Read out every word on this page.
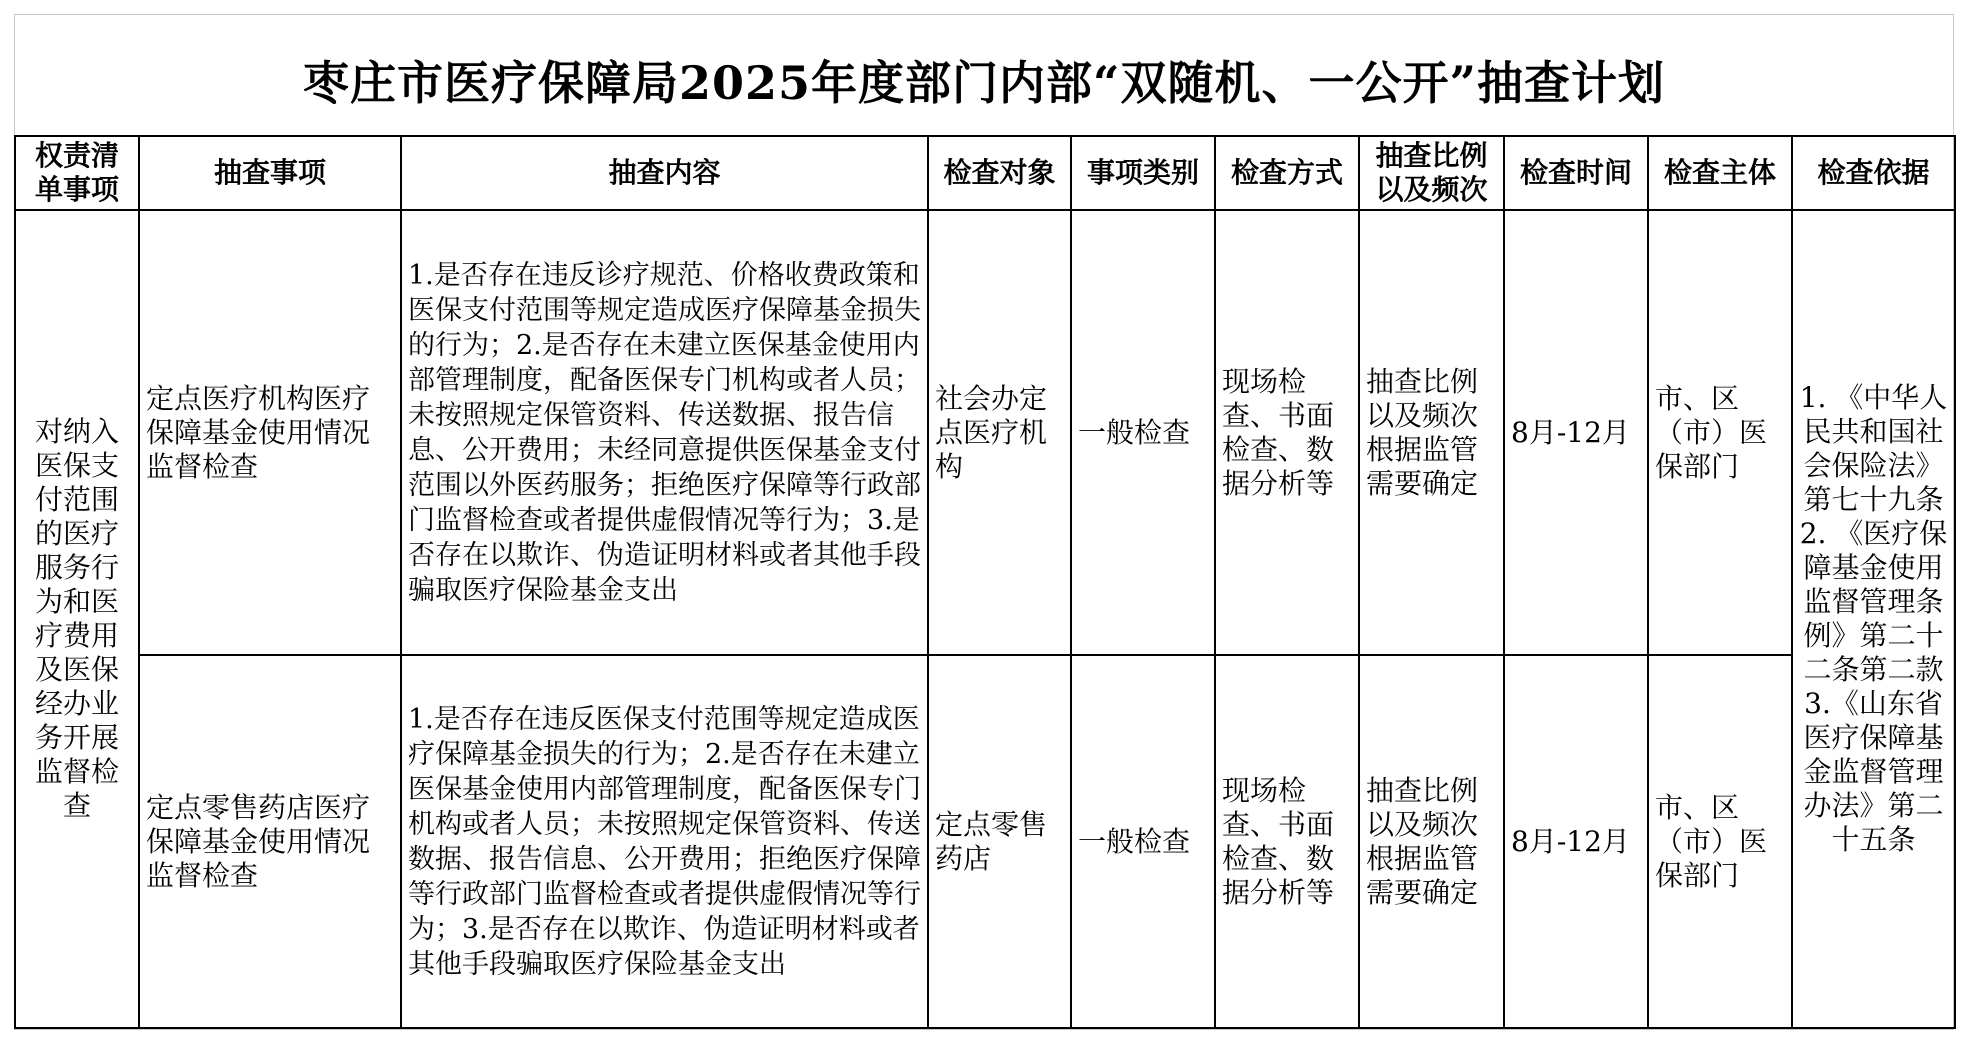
枣庄市医疗保障局2025年度部门内部“双随机、一公开”抽查计划
权责清单事项	抽查事项	抽查内容	检查对象	事项类别	检查方式	抽查比例以及频次	检查时间	检查主体	检查依据
对纳入医保支付范围的医疗服务行为和医疗费用及医保经办业务开展监督检查	定点医疗机构医疗保障基金使用情况监督检查	1.是否存在违反诊疗规范、价格收费政策和医保支付范围等规定造成医疗保障基金损失的行为；2.是否存在未建立医保基金使用内部管理制度，配备医保专门机构或者人员；未按照规定保管资料、传送数据、报告信息、公开费用；未经同意提供医保基金支付范围以外医药服务；拒绝医疗保障等行政部门监督检查或者提供虚假情况等行为；3.是否存在以欺诈、伪造证明材料或者其他手段骗取医疗保险基金支出	社会办定点医疗机构	一般检查	现场检查、书面检查、数据分析等	抽查比例以及频次根据监管需要确定	8月-12月	市、区（市）医保部门	1. 《中华人民共和国社会保险法》第七十九条 2. 《医疗保障基金使用监督管理条例》第二十二条第二款 3.《山东省医疗保障基金监督管理办法》第二十五条
	定点零售药店医疗保障基金使用情况监督检查	1.是否存在违反医保支付范围等规定造成医疗保障基金损失的行为；2.是否存在未建立医保基金使用内部管理制度，配备医保专门机构或者人员；未按照规定保管资料、传送数据、报告信息、公开费用；拒绝医疗保障等行政部门监督检查或者提供虚假情况等行为；3.是否存在以欺诈、伪造证明材料或者其他手段骗取医疗保险基金支出	定点零售药店	一般检查	现场检查、书面检查、数据分析等	抽查比例以及频次根据监管需要确定	8月-12月	市、区（市）医保部门	
